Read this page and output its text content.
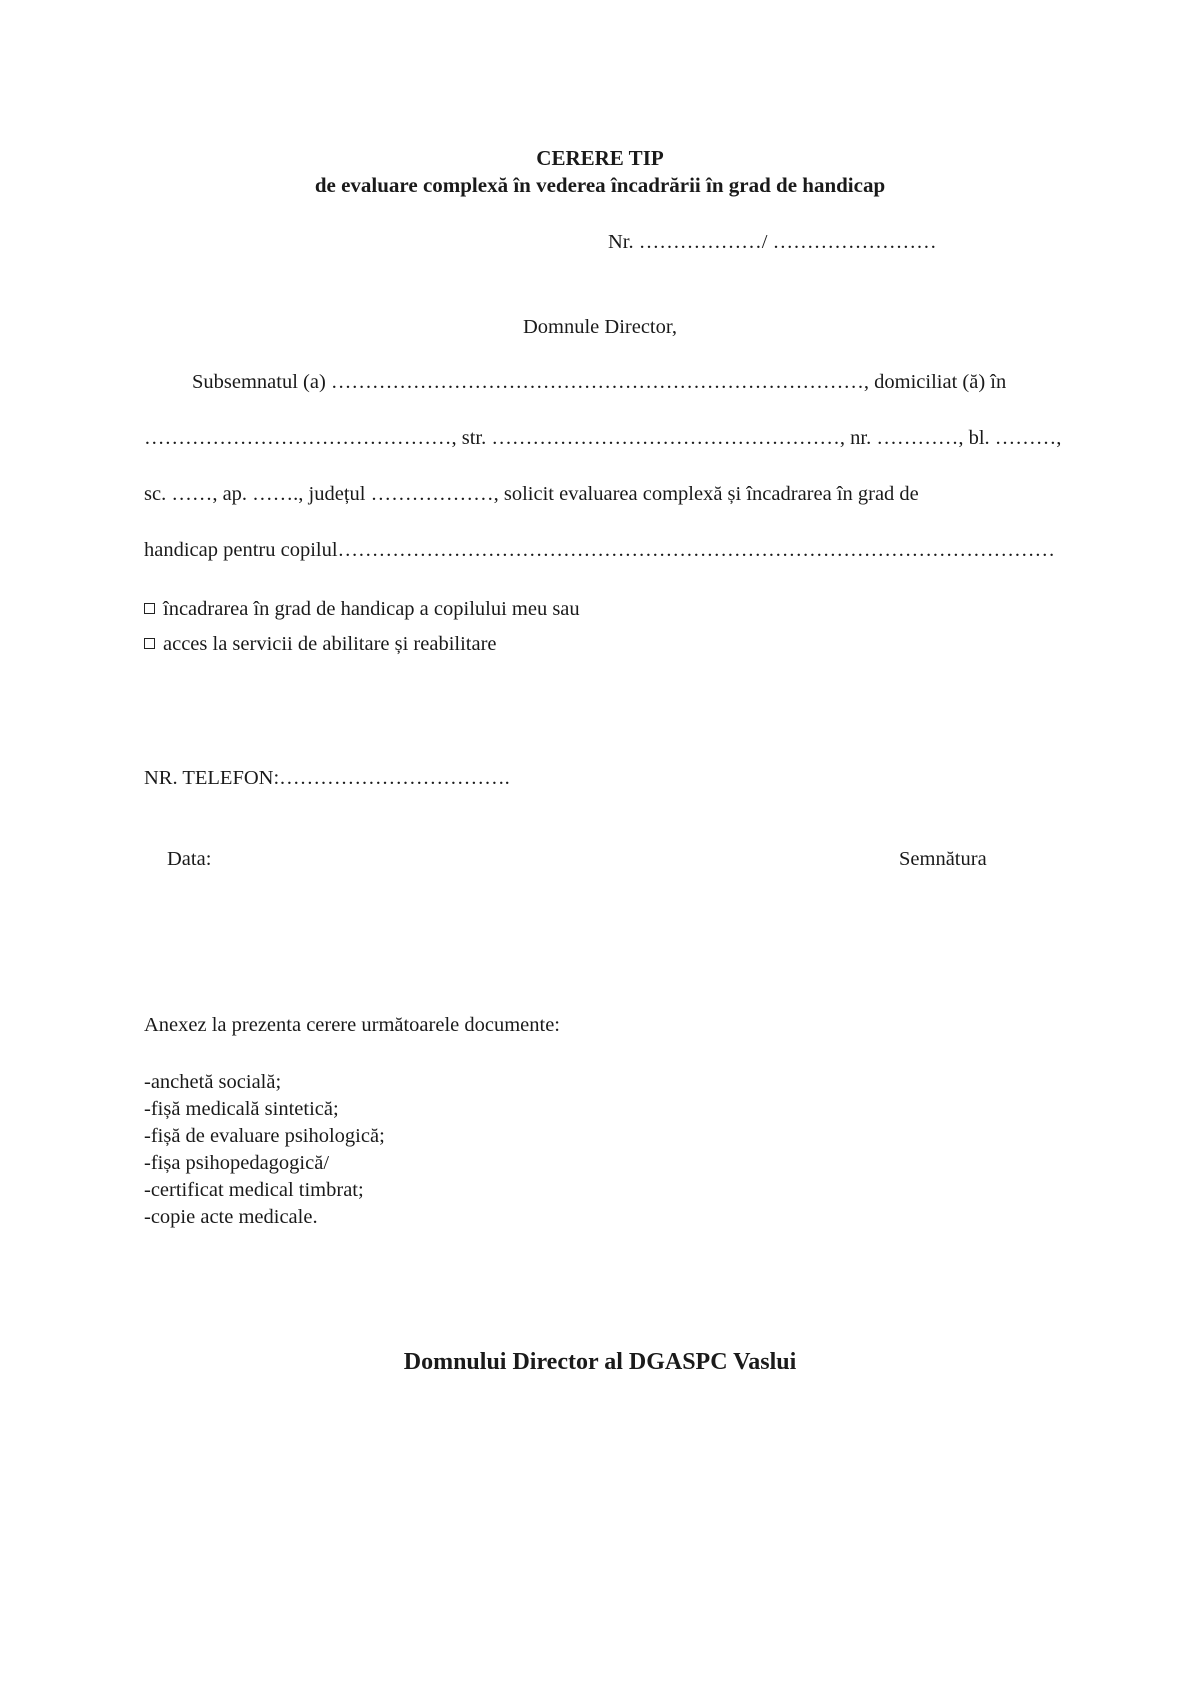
CERERE TIP
de evaluare complexă în vederea încadrării în grad de handicap
Nr. ………………/ ……………………
Domnule Director,
Subsemnatul (a) ……………………………………………………………………, domiciliat (ă) în
………………………………………, str. ……………………………………………, nr. …………, bl. ………,
sc. ……, ap. ……., județul ………………, solicit evaluarea complexă și încadrarea în grad de
handicap pentru copilul……………………………………………………………………………………………
încadrarea în grad de handicap a copilului meu sau
acces la servicii de abilitare și reabilitare
NR. TELEFON:…………………………….
Data:	Semnătura
Anexez la prezenta cerere următoarele documente:
-anchetă socială;
-fișă medicală sintetică;
-fișă de evaluare psihologică;
-fișa psihopedagogică/
-certificat medical timbrat;
-copie acte medicale.
Domnului Director al DGASPC Vaslui
